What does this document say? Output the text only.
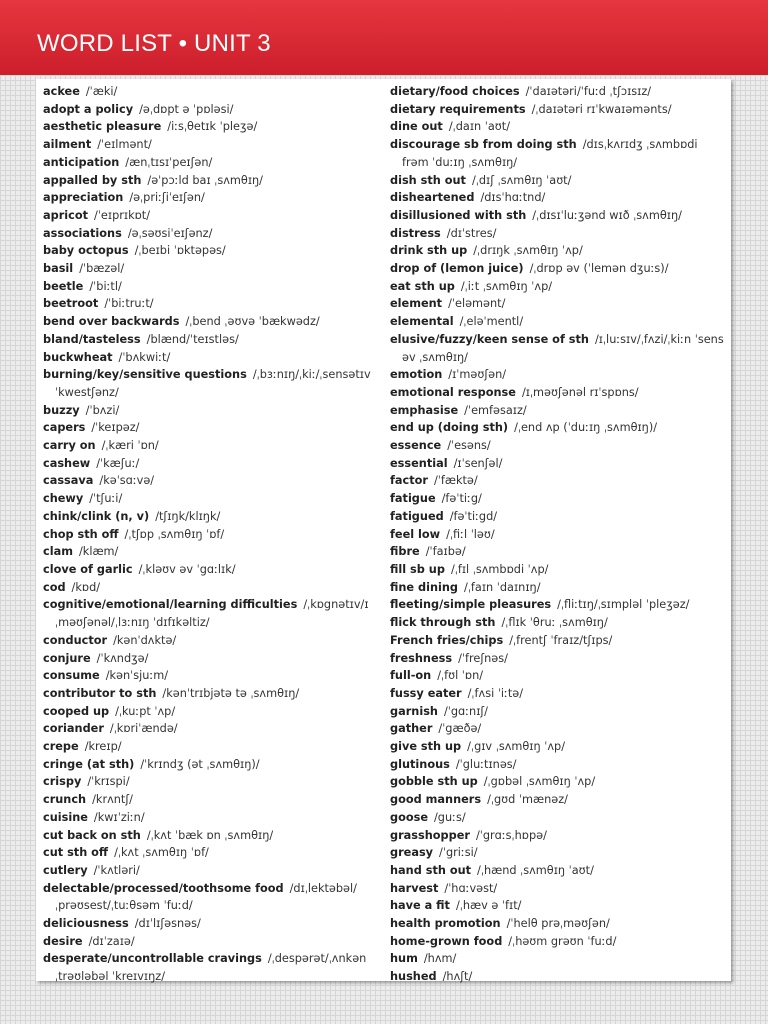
WORD LIST • UNIT 3
ackee /ˈæki/
adopt a policy /əˌdɒpt ə ˈpɒləsi/
aesthetic pleasure /iːsˌθetɪk ˈpleʒə/
ailment /ˈeɪlmənt/
anticipation /ænˌtɪsɪˈpeɪʃən/
appalled by sth /əˈpɔːld baɪ ˌsʌmθɪŋ/
appreciation /əˌpriːʃiˈeɪʃən/
apricot /ˈeɪprɪkɒt/
associations /əˌsəʊsiˈeɪʃənz/
baby octopus /ˌbeɪbi ˈɒktəpəs/
basil /ˈbæzəl/
beetle /ˈbiːtl/
beetroot /ˈbiːtruːt/
bend over backwards /ˌbend ˌəʊvə ˈbækwədz/
bland/tasteless /blænd/ˈteɪstləs/
buckwheat /ˈbʌkwiːt/
burning/key/sensitive questions /ˌbɜːnɪŋ/ˌkiː/ˌsensətɪv ˈkwestʃənz/
buzzy /ˈbʌzi/
capers /ˈkeɪpəz/
carry on /ˌkæri ˈɒn/
cashew /ˈkæʃuː/
cassava /kəˈsɑːvə/
chewy /ˈtʃuːi/
chink/clink (n, v) /tʃɪŋk/klɪŋk/
chop sth off /ˌtʃɒp ˌsʌmθɪŋ ˈɒf/
clam /klæm/
clove of garlic /ˌkləʊv əv ˈgɑːlɪk/
cod /kɒd/
cognitive/emotional/learning difficulties /ˌkɒgnətɪv/ɪˌməʊʃənəl/ˌlɜːnɪŋ ˈdɪfɪkəltiz/
conductor /kənˈdʌktə/
conjure /ˈkʌndʒə/
consume /kənˈsjuːm/
contributor to sth /kənˈtrɪbjətə tə ˌsʌmθɪŋ/
cooped up /ˌkuːpt ˈʌp/
coriander /ˌkɒriˈændə/
crepe /kreɪp/
cringe (at sth) /ˈkrɪndʒ (ət ˌsʌmθɪŋ)/
crispy /ˈkrɪspi/
crunch /krʌntʃ/
cuisine /kwɪˈziːn/
cut back on sth /ˌkʌt ˈbæk ɒn ˌsʌmθɪŋ/
cut sth off /ˌkʌt ˌsʌmθɪŋ ˈɒf/
cutlery /ˈkʌtləri/
delectable/processed/toothsome food /dɪˌlektəbəl/ˌprəʊsest/ˌtuːθsəm ˈfuːd/
deliciousness /dɪˈlɪʃəsnəs/
desire /dɪˈzaɪə/
desperate/uncontrollable cravings /ˌdespərət/ˌʌnkənˌtrəʊləbəl ˈkreɪvɪŋz/
dietary/food choices /ˈdaɪətəri/ˈfuːd ˌtʃɔɪsɪz/
dietary requirements /ˌdaɪətəri rɪˈkwaɪəmənts/
dine out /ˌdaɪn ˈaʊt/
discourage sb from doing sth /dɪsˌkʌrɪdʒ ˌsʌmbɒdi frəm ˈduːɪŋ ˌsʌmθɪŋ/
dish sth out /ˌdɪʃ ˌsʌmθɪŋ ˈaʊt/
disheartened /dɪsˈhɑːtnd/
disillusioned with sth /ˌdɪsɪˈluːʒənd wɪð ˌsʌmθɪŋ/
distress /dɪˈstres/
drink sth up /ˌdrɪŋk ˌsʌmθɪŋ ˈʌp/
drop of (lemon juice) /ˌdrɒp əv (ˈlemən dʒuːs)/
eat sth up /ˌiːt ˌsʌmθɪŋ ˈʌp/
element /ˈeləmənt/
elemental /ˌeləˈmentl/
elusive/fuzzy/keen sense of sth /ɪˌluːsɪv/ˌfʌzi/ˌkiːn ˈsens əv ˌsʌmθɪŋ/
emotion /ɪˈməʊʃən/
emotional response /ɪˌməʊʃənəl rɪˈspɒns/
emphasise /ˈemfəsaɪz/
end up (doing sth) /ˌend ʌp (ˈduːɪŋ ˌsʌmθɪŋ)/
essence /ˈesəns/
essential /ɪˈsenʃəl/
factor /ˈfæktə/
fatigue /fəˈtiːg/
fatigued /fəˈtiːgd/
feel low /ˌfiːl ˈləʊ/
fibre /ˈfaɪbə/
fill sb up /ˌfɪl ˌsʌmbɒdi ˈʌp/
fine dining /ˌfaɪn ˈdaɪnɪŋ/
fleeting/simple pleasures /ˌfliːtɪŋ/ˌsɪmpləl ˈpleʒəz/
flick through sth /ˌflɪk ˈθruː ˌsʌmθɪŋ/
French fries/chips /ˌfrentʃ ˈfraɪz/tʃɪps/
freshness /ˈfreʃnəs/
full-on /ˌfʊl ˈɒn/
fussy eater /ˌfʌsi ˈiːtə/
garnish /ˈgɑːnɪʃ/
gather /ˈgæðə/
give sth up /ˌgɪv ˌsʌmθɪŋ ˈʌp/
glutinous /ˈgluːtɪnəs/
gobble sth up /ˌgɒbəl ˌsʌmθɪŋ ˈʌp/
good manners /ˌgʊd ˈmænəz/
goose /guːs/
grasshopper /ˈgrɑːsˌhɒpə/
greasy /ˈgriːsi/
hand sth out /ˌhænd ˌsʌmθɪŋ ˈaʊt/
harvest /ˈhɑːvəst/
have a fit /ˌhæv ə ˈfɪt/
health promotion /ˈhelθ prəˌməʊʃən/
home-grown food /ˌhəʊm grəʊn ˈfuːd/
hum /hʌm/
hushed /hʌʃt/
